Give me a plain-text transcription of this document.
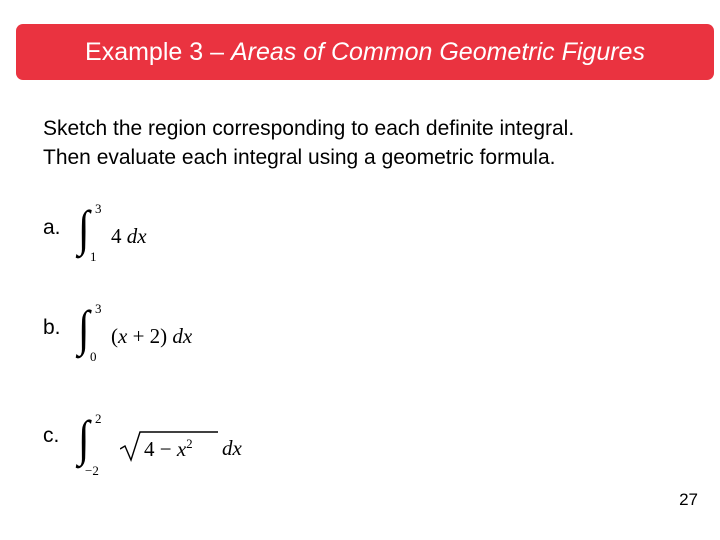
Example 3 – Areas of Common Geometric Figures
Sketch the region corresponding to each definite integral.
Then evaluate each integral using a geometric formula.
a. ∫ 3
1
4 dx
b. ∫ 3
0
(x + 2) dx
c. ∫ 2
−2
$4 - x^2$ dx
27
